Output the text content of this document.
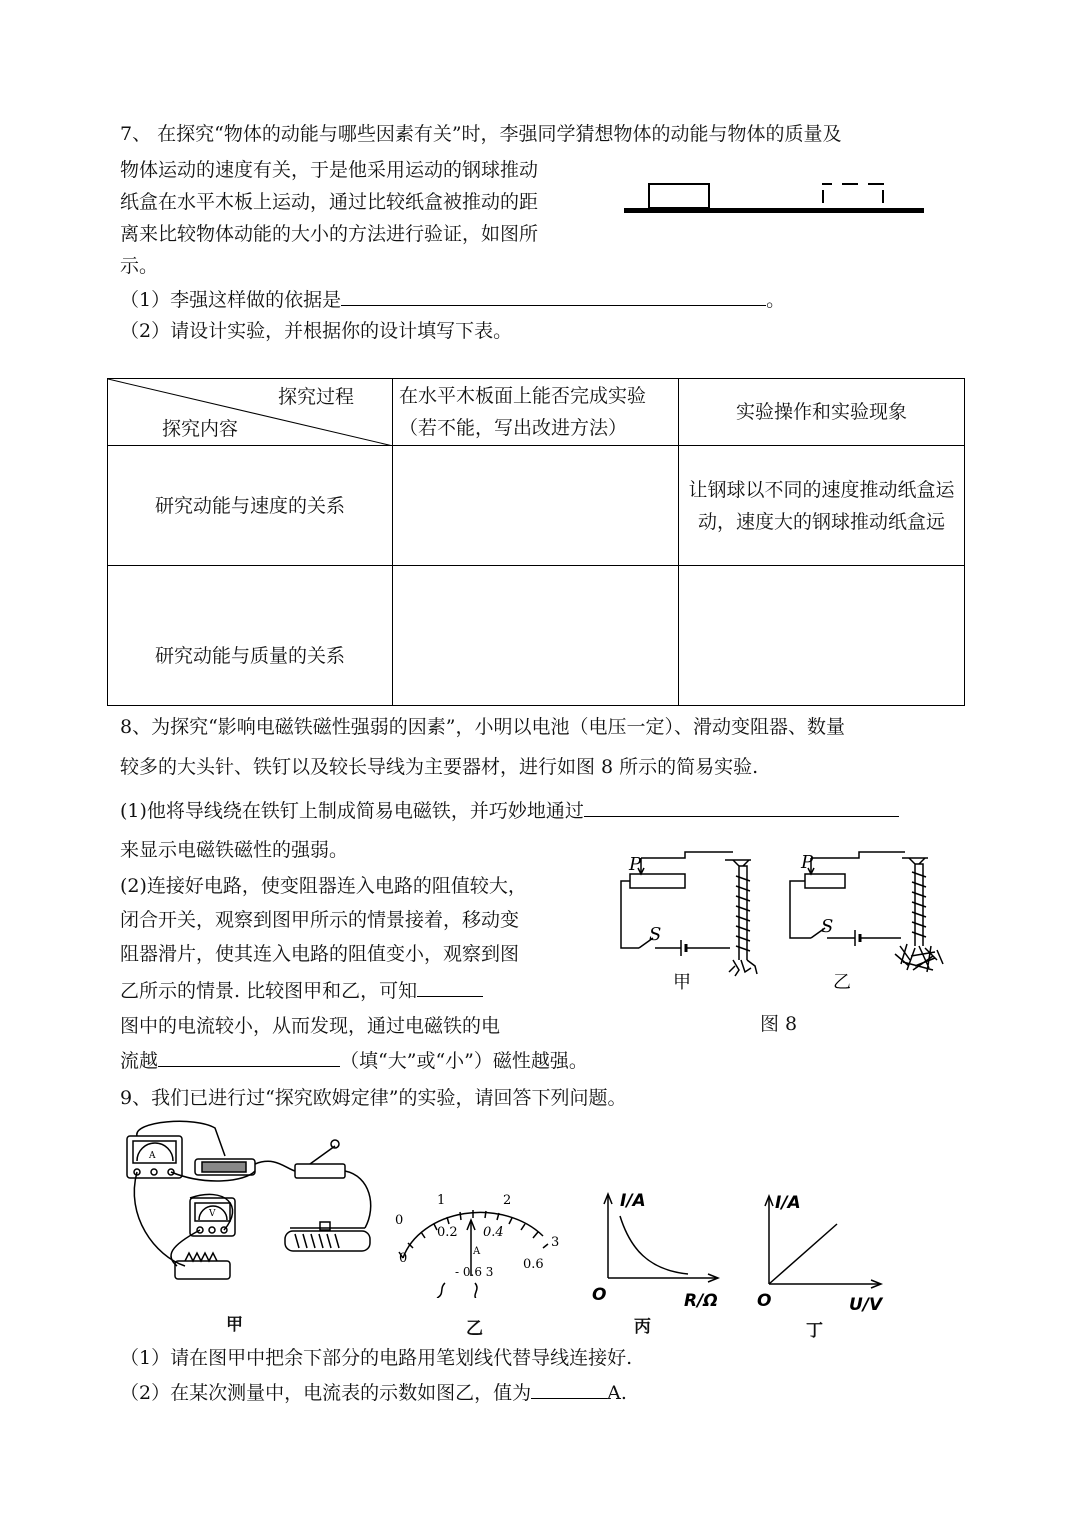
7、 在探究“物体的动能与哪些因素有关”时，李强同学猜想物体的动能与物体的质量及
物体运动的速度有关，于是他采用运动的钢球推动
纸盒在水平木板上运动，通过比较纸盒被推动的距
离来比较物体动能的大小的方法进行验证，如图所
示。
（1）李强这样做的依据是	。
（2）请设计实验，并根据你的设计填写下表。
探究过程
探究内容	在水平木板面上能否完成实验（若不能，写出改进方法）	实验操作和实验现象
研究动能与速度的关系		让钢球以不同的速度推动纸盒运动，速度大的钢球推动纸盒远
研究动能与质量的关系		
8、为探究“影响电磁铁磁性强弱的因素”，小明以电池（电压一定）、滑动变阻器、数量
较多的大头针、铁钉以及较长导线为主要器材，进行如图 8 所示的简易实验.
(1)他将导线绕在铁钉上制成简易电磁铁，并巧妙地通过
来显示电磁铁磁性的强弱。
(2)连接好电路，使变阻器连入电路的阻值较大，
闭合开关，观察到图甲所示的情景接着，移动变
阻器滑片，使其连入电路的阻值变小，观察到图
乙所示的情景. 比较图甲和乙，可知
图中的电流较小，从而发现，通过电磁铁的电
流越	（填“大”或“小”）磁性越强。
P
S
P
S
甲	乙
图 8
9、我们已进行过“探究欧姆定律”的实验，请回答下列问题。
A
V
甲
0
1	2
3
0
0.2 0.4
0.6
A
- 0.6 3
乙
I/A
O	R/Ω
丙
I/A
O	U/V
丁
（1）请在图甲中把余下部分的电路用笔划线代替导线连接好.
（2）在某次测量中，电流表的示数如图乙，值为	A.
